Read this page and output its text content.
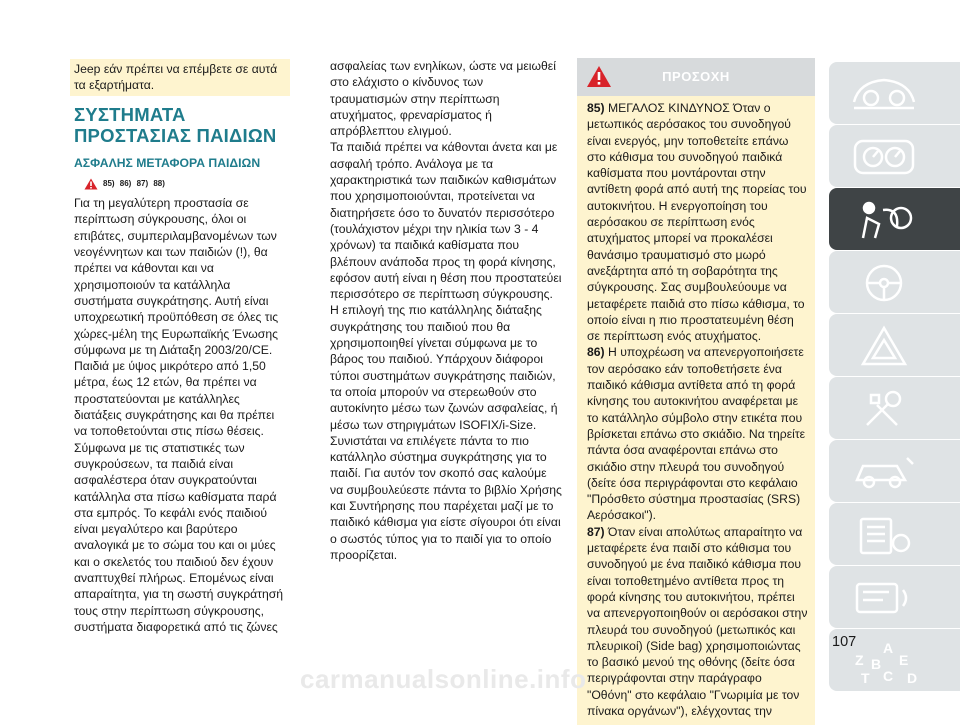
Jeep εάν πρέπει να επέμβετε σε αυτά τα εξαρτήματα.

ΣΥΣΤΗΜΑΤΑ ΠΡΟΣΤΑΣΙΑΣ ΠΑΙΔΙΩΝ
ΑΣΦΑΛΗΣ ΜΕΤΑΦΟΡΑ ΠΑΙΔΙΩΝ
85) 86) 87) 88)

Για τη μεγαλύτερη προστασία σε περίπτωση σύγκρουσης, όλοι οι επιβάτες, συμπεριλαμβανομένων των νεογέννητων και των παιδιών (!), θα πρέπει να κάθονται και να χρησιμοποιούν τα κατάλληλα συστήματα συγκράτησης. Αυτή είναι υποχρεωτική προϋπόθεση σε όλες τις χώρες-μέλη της Ευρωπαϊκής Ένωσης σύμφωνα με τη Διάταξη 2003/20/CE.

Παιδιά με ύψος μικρότερο από 1,50 μέτρα, έως 12 ετών, θα πρέπει να προστατεύονται με κατάλληλες διατάξεις συγκράτησης και θα πρέπει να τοποθετούνται στις πίσω θέσεις.

Σύμφωνα με τις στατιστικές των συγκρούσεων, τα παιδιά είναι ασφαλέστερα όταν συγκρατούνται κατάλληλα στα πίσω καθίσματα παρά στα εμπρός. Το κεφάλι ενός παιδιού είναι μεγαλύτερο και βαρύτερο αναλογικά με το σώμα του και οι μύες και ο σκελετός του παιδιού δεν έχουν αναπτυχθεί πλήρως. Επομένως είναι απαραίτητα, για τη σωστή συγκράτησή τους στην περίπτωση σύγκρουσης, συστήματα διαφορετικά από τις ζώνες

ασφαλείας των ενηλίκων, ώστε να μειωθεί στο ελάχιστο ο κίνδυνος των τραυματισμών στην περίπτωση ατυχήματος, φρεναρίσματος ή απρόβλεπτου ελιγμού.

Τα παιδιά πρέπει να κάθονται άνετα και με ασφαλή τρόπο. Ανάλογα με τα χαρακτηριστικά των παιδικών καθισμάτων που χρησιμοποιούνται, προτείνεται να διατηρήσετε όσο το δυνατόν περισσότερο (τουλάχιστον μέχρι την ηλικία των 3 - 4 χρόνων) τα παιδικά καθίσματα που βλέπουν ανάποδα προς τη φορά κίνησης, εφόσον αυτή είναι η θέση που προστατεύει περισσότερο σε περίπτωση σύγκρουσης.

Η επιλογή της πιο κατάλληλης διάταξης συγκράτησης του παιδιού που θα χρησιμοποιηθεί γίνεται σύμφωνα με το βάρος του παιδιού. Υπάρχουν διάφοροι τύποι συστημάτων συγκράτησης παιδιών, τα οποία μπορούν να στερεωθούν στο αυτοκίνητο μέσω των ζωνών ασφαλείας, ή μέσω των στηριγμάτων ISOFIX/i-Size.

Συνιστάται να επιλέγετε πάντα το πιο κατάλληλο σύστημα συγκράτησης για το παιδί. Για αυτόν τον σκοπό σας καλούμε να συμβουλεύεστε πάντα το βιβλίο Χρήσης και Συντήρησης που παρέχεται μαζί με το παιδικό κάθισμα για είστε σίγουροι ότι είναι ο σωστός τύπος για το παιδί για το οποίο προορίζεται.

ΠΡΟΣΟΧΗ

85) ΜΕΓΑΛΟΣ ΚΙΝΔΥΝΟΣ Όταν ο μετωπικός αερόσακος του συνοδηγού είναι ενεργός, μην τοποθετείτε επάνω στο κάθισμα του συνοδηγού παιδικά καθίσματα που μοντάρονται στην αντίθετη φορά από αυτή της πορείας του αυτοκινήτου. Η ενεργοποίηση του αερόσακου σε περίπτωση ενός ατυχήματος μπορεί να προκαλέσει θανάσιμο τραυματισμό στο μωρό ανεξάρτητα από τη σοβαρότητα της σύγκρουσης. Σας συμβουλεύουμε να μεταφέρετε παιδιά στο πίσω κάθισμα, το οποίο είναι η πιο προστατευμένη θέση σε περίπτωση ενός ατυχήματος.

86) Η υποχρέωση να απενεργοποιήσετε τον αερόσακο εάν τοποθετήσετε ένα παιδικό κάθισμα αντίθετα από τη φορά κίνησης του αυτοκινήτου αναφέρεται με το κατάλληλο σύμβολο στην ετικέτα που βρίσκεται επάνω στο σκιάδιο. Να τηρείτε πάντα όσα αναφέρονται επάνω στο σκιάδιο στην πλευρά του συνοδηγού (δείτε όσα περιγράφονται στο κεφάλαιο "Πρόσθετο σύστημα προστασίας (SRS) Αερόσακοι").

87) Όταν είναι απολύτως απαραίτητο να μεταφέρετε ένα παιδί στο κάθισμα του συνοδηγού με ένα παιδικό κάθισμα που είναι τοποθετημένο αντίθετα προς τη φορά κίνησης του αυτοκινήτου, πρέπει να απενεργοποιηθούν οι αερόσακοι στην πλευρά του συνοδηγού (μετωπικός και πλευρικοί) (Side bag) χρησιμοποιώντας το βασικό μενού της οθόνης (δείτε όσα περιγράφονται στην παράγραφο "Οθόνη" στο κεφάλαιο "Γνωριμία με τον πίνακα οργάνων"), ελέγχοντας την

A
Z B E
C
T	D
107
carmanualsonline.info
